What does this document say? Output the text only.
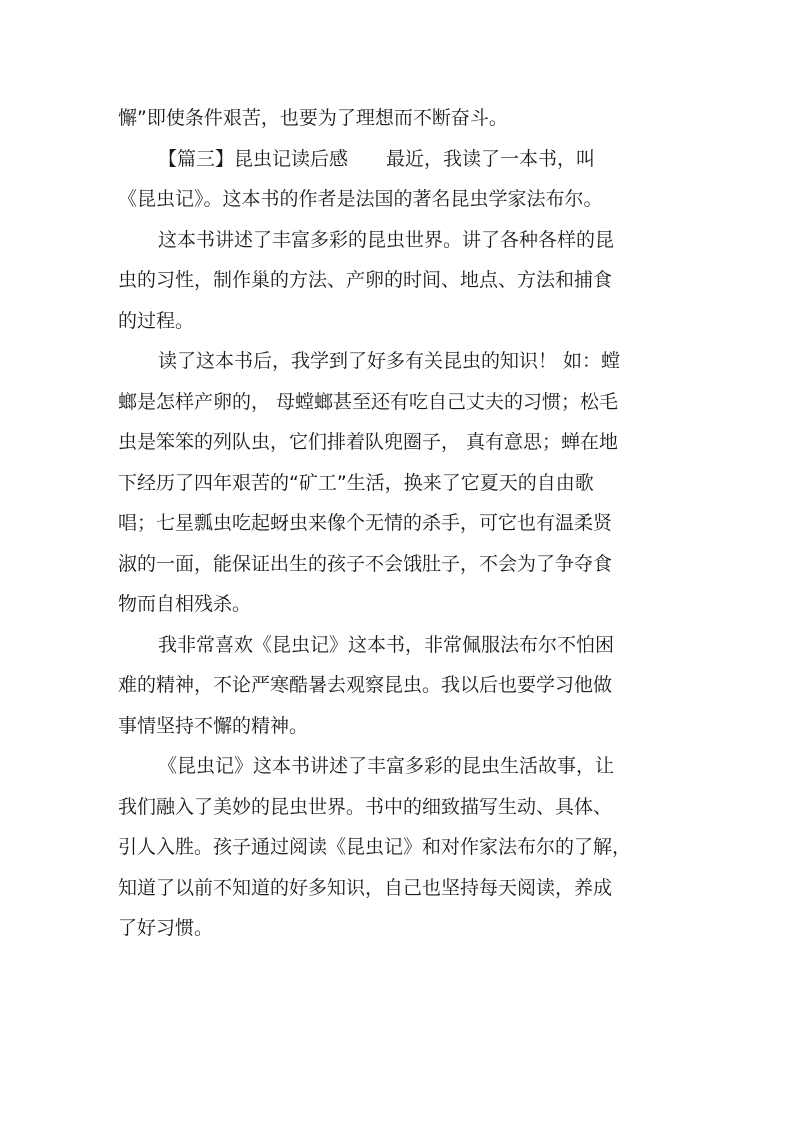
懈”即使条件艰苦，也要为了理想而不断奋斗。
【篇三】昆虫记读后感　　最近，我读了一本书，叫
《昆虫记》。这本书的作者是法国的著名昆虫学家法布尔。
这本书讲述了丰富多彩的昆虫世界。讲了各种各样的昆
虫的习性，制作巢的方法、产卵的时间、地点、方法和捕食
的过程。
读了这本书后，我学到了好多有关昆虫的知识！ 如：螳
螂是怎样产卵的， 母螳螂甚至还有吃自己丈夫的习惯；松毛
虫是笨笨的列队虫，它们排着队兜圈子， 真有意思；蝉在地
下经历了四年艰苦的“矿工”生活，换来了它夏天的自由歌
唱；七星瓢虫吃起蚜虫来像个无情的杀手，可它也有温柔贤
淑的一面，能保证出生的孩子不会饿肚子，不会为了争夺食
物而自相残杀。
我非常喜欢《昆虫记》这本书，非常佩服法布尔不怕困
难的精神，不论严寒酷暑去观察昆虫。我以后也要学习他做
事情坚持不懈的精神。
《昆虫记》这本书讲述了丰富多彩的昆虫生活故事，让
我们融入了美妙的昆虫世界。书中的细致描写生动、具体、
引人入胜。孩子通过阅读《昆虫记》和对作家法布尔的了解，
知道了以前不知道的好多知识，自己也坚持每天阅读，养成
了好习惯。
